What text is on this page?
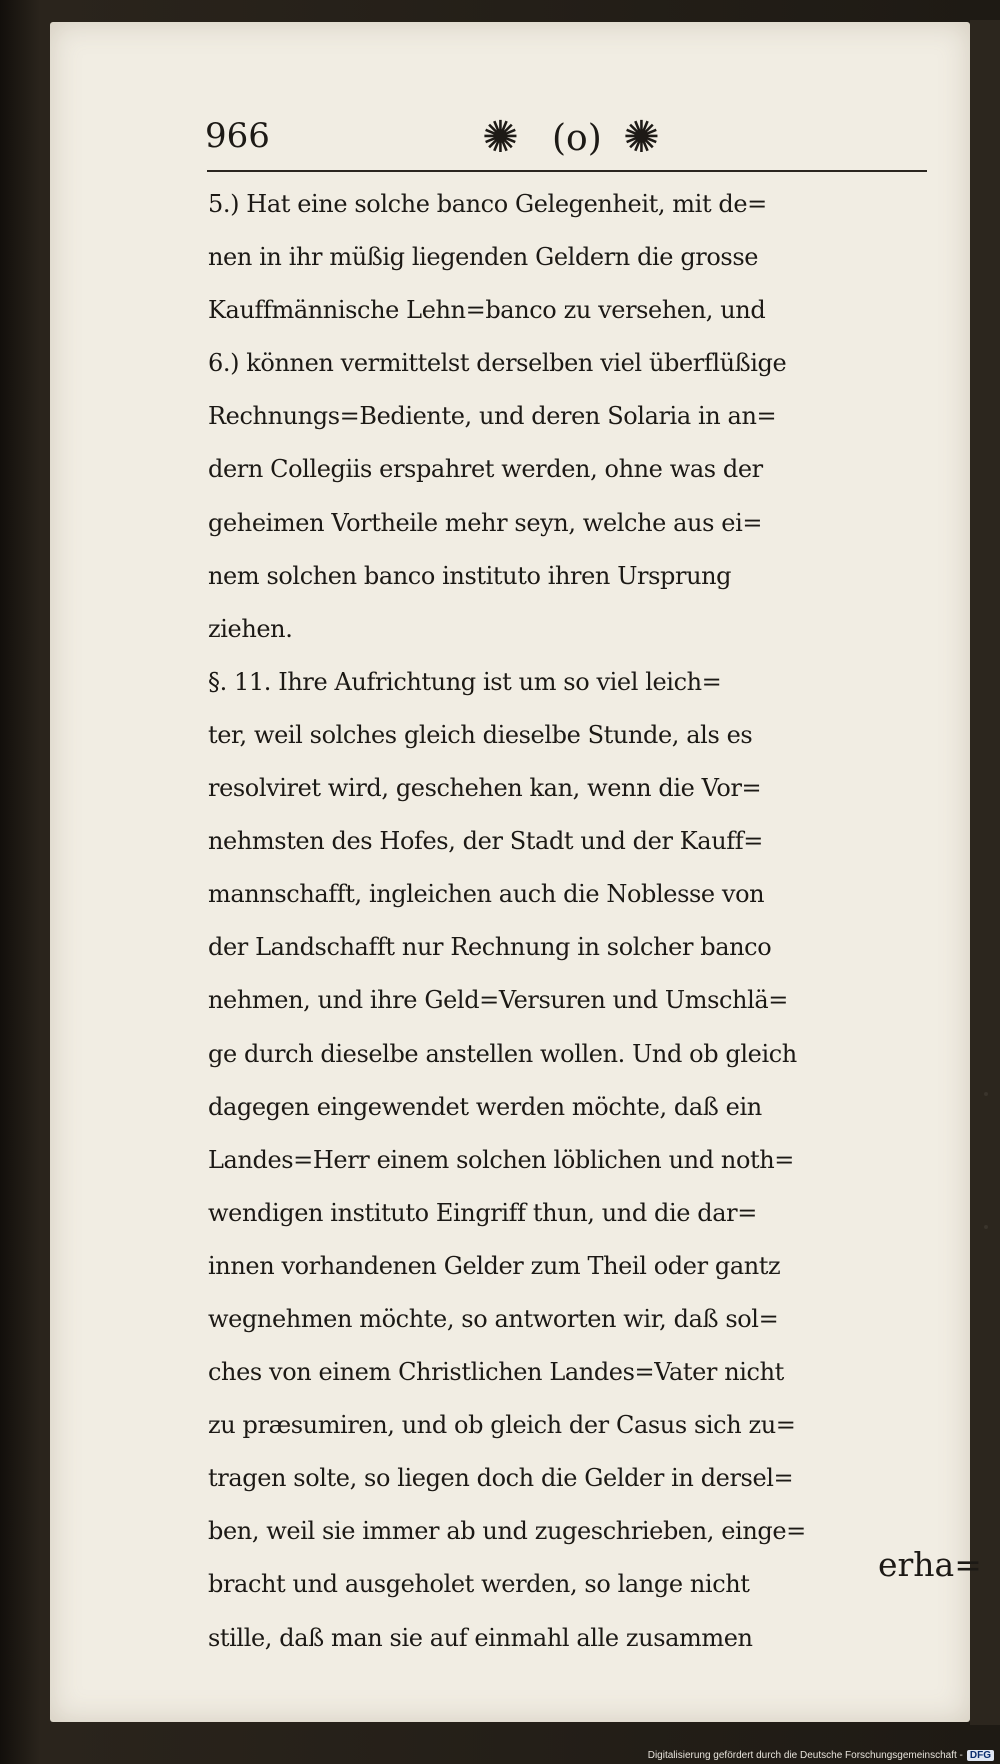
966	✺ (o) ✺
5.) Hat eine solche banco Gelegenheit, mit de=
nen in ihr müßig liegenden Geldern die grosse
Kauffmännische Lehn=banco zu versehen, und
6.) können vermittelst derselben viel überflüßige
Rechnungs=Bediente, und deren Solaria in an=
dern Collegiis erspahret werden, ohne was der
geheimen Vortheile mehr seyn, welche aus ei=
nem solchen banco instituto ihren Ursprung
ziehen.
§. 11. Ihre Aufrichtung ist um so viel leich=
ter, weil solches gleich dieselbe Stunde, als es
resolviret wird, geschehen kan, wenn die Vor=
nehmsten des Hofes, der Stadt und der Kauff=
mannschafft, ingleichen auch die Noblesse von
der Landschafft nur Rechnung in solcher banco
nehmen, und ihre Geld=Versuren und Umschlä=
ge durch dieselbe anstellen wollen. Und ob gleich
dagegen eingewendet werden möchte, daß ein
Landes=Herr einem solchen löblichen und noth=
wendigen instituto Eingriff thun, und die dar=
innen vorhandenen Gelder zum Theil oder gantz
wegnehmen möchte, so antworten wir, daß sol=
ches von einem Christlichen Landes=Vater nicht
zu præsumiren, und ob gleich der Casus sich zu=
tragen solte, so liegen doch die Gelder in dersel=
ben, weil sie immer ab und zugeschrieben, einge=
bracht und ausgeholet werden, so lange nicht
stille, daß man sie auf einmahl alle zusammen
erha=
Digitalisierung gefördert durch die Deutsche Forschungsgemeinschaft - DFG
